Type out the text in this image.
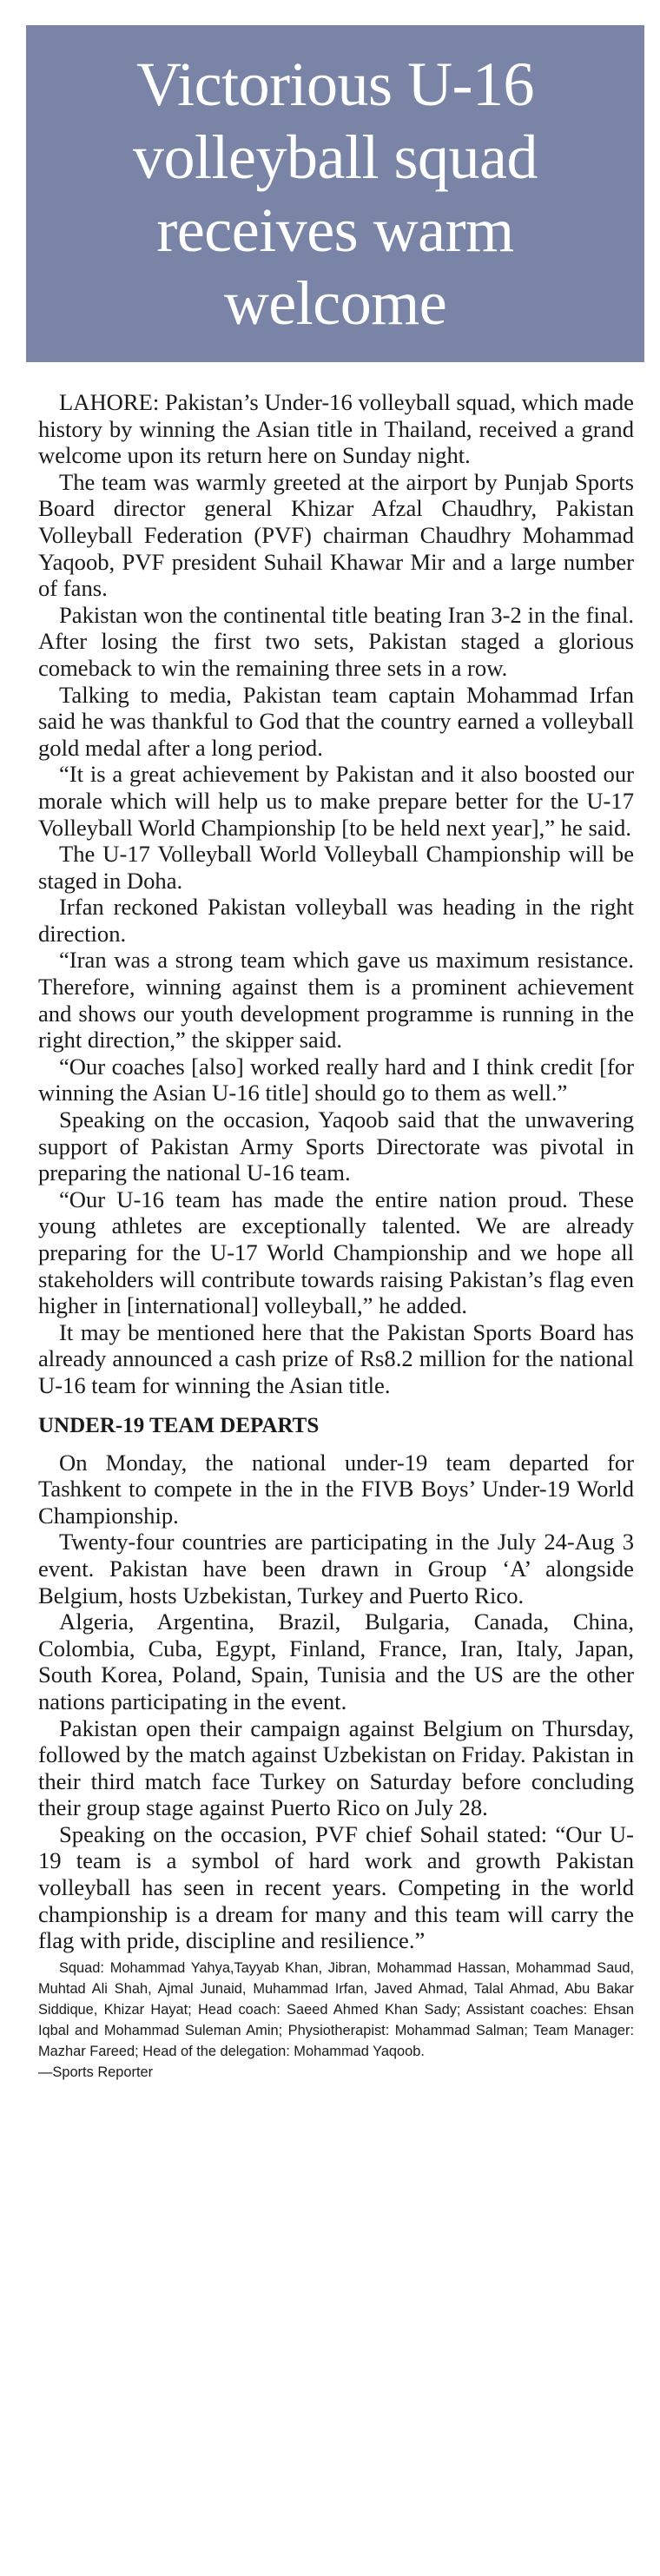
Victorious U-16 volleyball squad receives warm welcome

LAHORE: Pakistan’s Under-16 volleyball squad, which made history by winning the Asian title in Thailand, received a grand welcome upon its return here on Sunday night.

The team was warmly greeted at the airport by Punjab Sports Board director general Khizar Afzal Chaudhry, Pakistan Volleyball Federation (PVF) chairman Chaudhry Mohammad Yaqoob, PVF president Suhail Khawar Mir and a large number of fans.

Pakistan won the continental title beating Iran 3-2 in the final. After losing the first two sets, Pakistan staged a glorious comeback to win the remaining three sets in a row.

Talking to media, Pakistan team captain Mohammad Irfan said he was thankful to God that the country earned a volleyball gold medal after a long period.

“It is a great achievement by Pakistan and it also boosted our morale which will help us to make prepare better for the U-17 Volleyball World Championship [to be held next year],” he said.

The U-17 Volleyball World Volleyball Championship will be staged in Doha.

Irfan reckoned Pakistan volleyball was heading in the right direction.

“Iran was a strong team which gave us maximum resistance. Therefore, winning against them is a prominent achievement and shows our youth development programme is running in the right direction,” the skipper said.

“Our coaches [also] worked really hard and I think credit [for winning the Asian U-16 title] should go to them as well.”

Speaking on the occasion, Yaqoob said that the unwavering support of Pakistan Army Sports Directorate was pivotal in preparing the national U-16 team.

“Our U-16 team has made the entire nation proud. These young athletes are exceptionally talented. We are already preparing for the U-17 World Championship and we hope all stakeholders will contribute towards raising Pakistan’s flag even higher in [international] volleyball,” he added.

It may be mentioned here that the Pakistan Sports Board has already announced a cash prize of Rs8.2 million for the national U-16 team for winning the Asian title.

UNDER-19 TEAM DEPARTS

On Monday, the national under-19 team departed for Tashkent to compete in the in the FIVB Boys’ Under-19 World Championship.

Twenty-four countries are participating in the July 24-Aug 3 event. Pakistan have been drawn in Group ‘A’ alongside Belgium, hosts Uzbekistan, Turkey and Puerto Rico.

Algeria, Argentina, Brazil, Bulgaria, Canada, China, Colombia, Cuba, Egypt, Finland, France, Iran, Italy, Japan, South Korea, Poland, Spain, Tunisia and the US are the other nations participating in the event.

Pakistan open their campaign against Belgium on Thursday, followed by the match against Uzbekistan on Friday. Pakistan in their third match face Turkey on Saturday before concluding their group stage against Puerto Rico on July 28.

Speaking on the occasion, PVF chief Sohail stated: “Our U-19 team is a symbol of hard work and growth Pakistan volleyball has seen in recent years. Competing in the world championship is a dream for many and this team will carry the flag with pride, discipline and resilience.”

Squad: Mohammad Yahya,Tayyab Khan, Jibran, Mohammad Hassan, Mohammad Saud, Muhtad Ali Shah, Ajmal Junaid, Muhammad Irfan, Javed Ahmad, Talal Ahmad, Abu Bakar Siddique, Khizar Hayat; Head coach: Saeed Ahmed Khan Sady; Assistant coaches: Ehsan Iqbal and Mohammad Suleman Amin; Physiotherapist: Mohammad Salman; Team Manager: Mazhar Fareed; Head of the delegation: Mohammad Yaqoob.
—Sports Reporter
